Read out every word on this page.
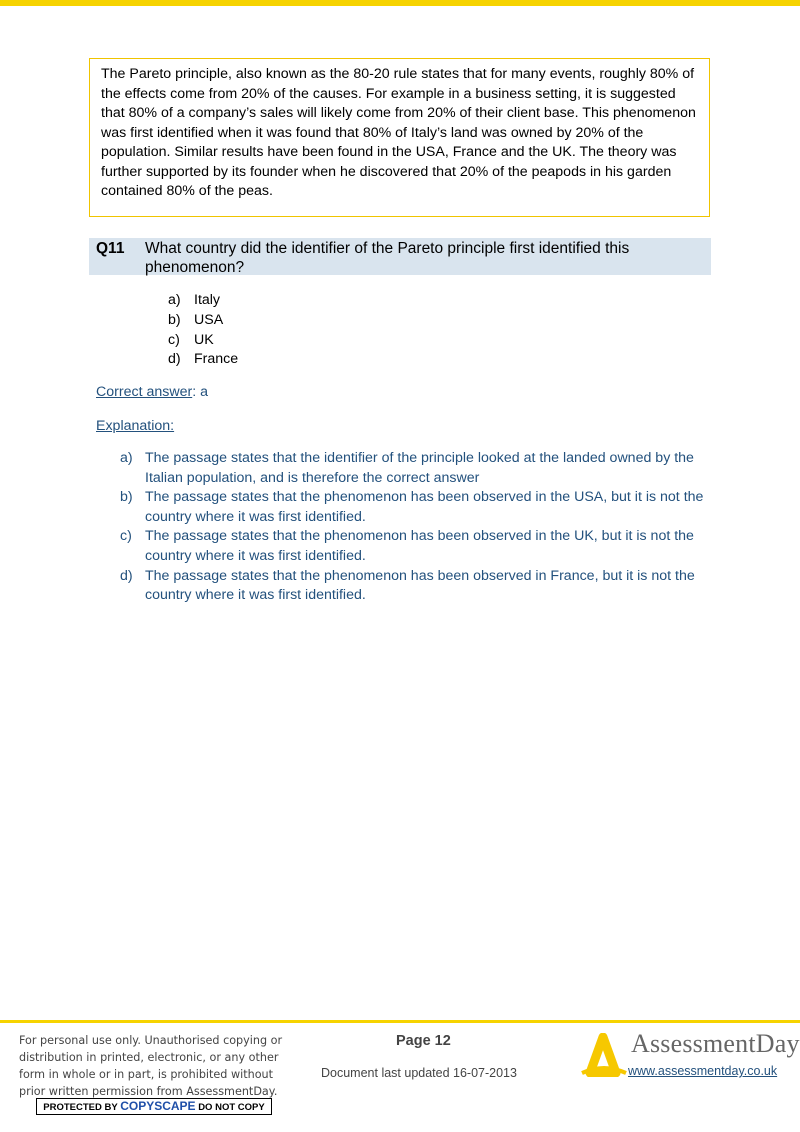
The Pareto principle, also known as the 80-20 rule states that for many events, roughly 80% of the effects come from 20% of the causes. For example in a business setting, it is suggested that 80% of a company’s sales will likely come from 20% of their client base. This phenomenon was first identified when it was found that 80% of Italy’s land was owned by 20% of the population. Similar results have been found in the USA, France and the UK. The theory was further supported by its founder when he discovered that 20% of the peapods in his garden contained 80% of the peas.
Q11 What country did the identifier of the Pareto principle first identified this phenomenon?
a) Italy
b) USA
c) UK
d) France
Correct answer: a
Explanation:
a) The passage states that the identifier of the principle looked at the landed owned by the Italian population, and is therefore the correct answer
b) The passage states that the phenomenon has been observed in the USA, but it is not the country where it was first identified.
c) The passage states that the phenomenon has been observed in the UK, but it is not the country where it was first identified.
d) The passage states that the phenomenon has been observed in France, but it is not the country where it was first identified.
For personal use only. Unauthorised copying or distribution in printed, electronic, or any other form in whole or in part, is prohibited without prior written permission from AssessmentDay.
PROTECTED BY COPYSCAPE DO NOT COPY
Page 12
Document last updated 16-07-2013
AssessmentDay
www.assessmentday.co.uk
